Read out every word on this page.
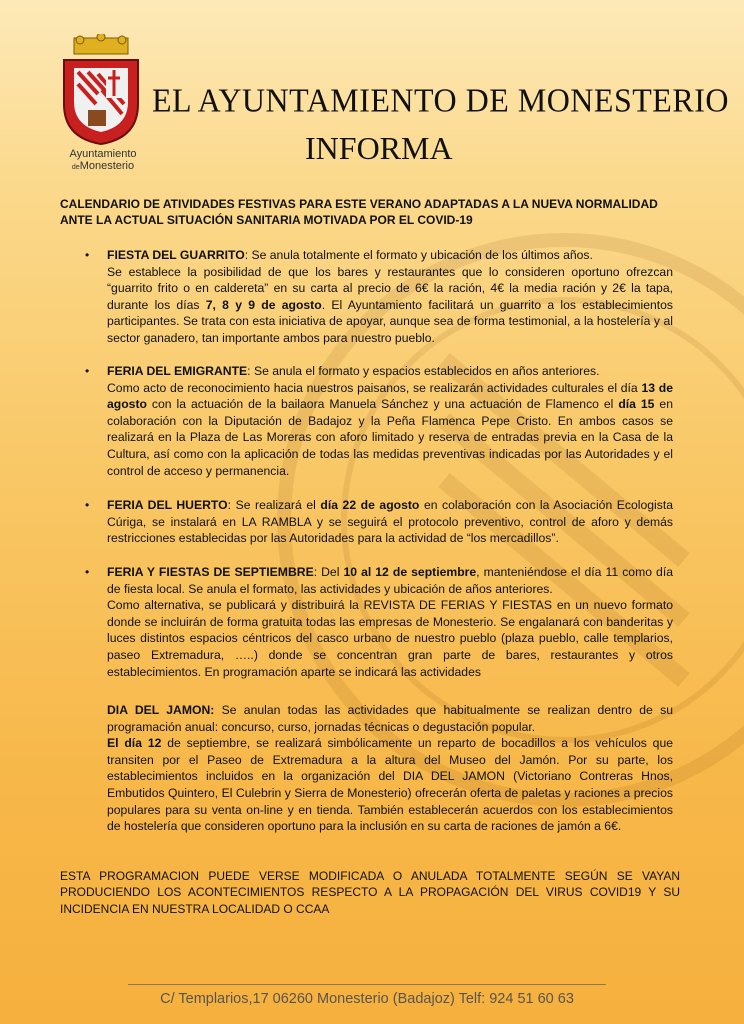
Ayuntamiento
deMonesterio
EL AYUNTAMIENTO DE MONESTERIO
INFORMA
CALENDARIO DE ATIVIDADES FESTIVAS PARA ESTE VERANO ADAPTADAS A LA NUEVA NORMALIDAD ANTE LA ACTUAL SITUACIÓN SANITARIA MOTIVADA POR EL COVID-19
• FIESTA DEL GUARRITO: Se anula totalmente el formato y ubicación de los últimos años.
Se establece la posibilidad de que los bares y restaurantes que lo consideren oportuno ofrezcan “guarrito frito o en caldereta” en su carta al precio de 6€ la ración, 4€ la media ración y 2€ la tapa, durante los días 7, 8 y 9 de agosto. El Ayuntamiento facilitará un guarrito a los establecimientos participantes. Se trata con esta iniciativa de apoyar, aunque sea de forma testimonial, a la hostelería y al sector ganadero, tan importante ambos para nuestro pueblo.
• FERIA DEL EMIGRANTE: Se anula el formato y espacios establecidos en años anteriores.
Como acto de reconocimiento hacia nuestros paisanos, se realizarán actividades culturales el día 13 de agosto con la actuación de la bailaora Manuela Sánchez y una actuación de Flamenco el día 15 en colaboración con la Diputación de Badajoz y la Peña Flamenca Pepe Cristo. En ambos casos se realizará en la Plaza de Las Moreras con aforo limitado y reserva de entradas previa en la Casa de la Cultura, así como con la aplicación de todas las medidas preventivas indicadas por las Autoridades y el control de acceso y permanencia.
• FERIA DEL HUERTO: Se realizará el día 22 de agosto en colaboración con la Asociación Ecologista Cúriga, se instalará en LA RAMBLA y se seguirá el protocolo preventivo, control de aforo y demás restricciones establecidas por las Autoridades para la actividad de “los mercadillos”.
• FERIA Y FIESTAS DE SEPTIEMBRE: Del 10 al 12 de septiembre, manteniéndose el día 11 como día de fiesta local. Se anula el formato, las actividades y ubicación de años anteriores.
Como alternativa, se publicará y distribuirá la REVISTA DE FERIAS Y FIESTAS en un nuevo formato donde se incluirán de forma gratuita todas las empresas de Monesterio. Se engalanará con banderitas y luces distintos espacios céntricos del casco urbano de nuestro pueblo (plaza pueblo, calle templarios, paseo Extremadura, …..) donde se concentran gran parte de bares, restaurantes y otros establecimientos. En programación aparte se indicará las actividades
DIA DEL JAMON: Se anulan todas las actividades que habitualmente se realizan dentro de su programación anual: concurso, curso, jornadas técnicas o degustación popular.
El día 12 de septiembre, se realizará simbólicamente un reparto de bocadillos a los vehículos que transiten por el Paseo de Extremadura a la altura del Museo del Jamón. Por su parte, los establecimientos incluidos en la organización del DIA DEL JAMON (Victoriano Contreras Hnos, Embutidos Quintero, El Culebrin y Sierra de Monesterio) ofrecerán oferta de paletas y raciones a precios populares para su venta on-line y en tienda. También establecerán acuerdos con los establecimientos de hostelería que consideren oportuno para la inclusión en su carta de raciones de jamón a 6€.
ESTA PROGRAMACION PUEDE VERSE MODIFICADA O ANULADA TOTALMENTE SEGÚN SE VAYAN PRODUCIENDO LOS ACONTECIMIENTOS RESPECTO A LA PROPAGACIÓN DEL VIRUS COVID19 Y SU INCIDENCIA EN NUESTRA LOCALIDAD O CCAA
C/ Templarios,17 06260 Monesterio (Badajoz) Telf: 924 51 60 63
